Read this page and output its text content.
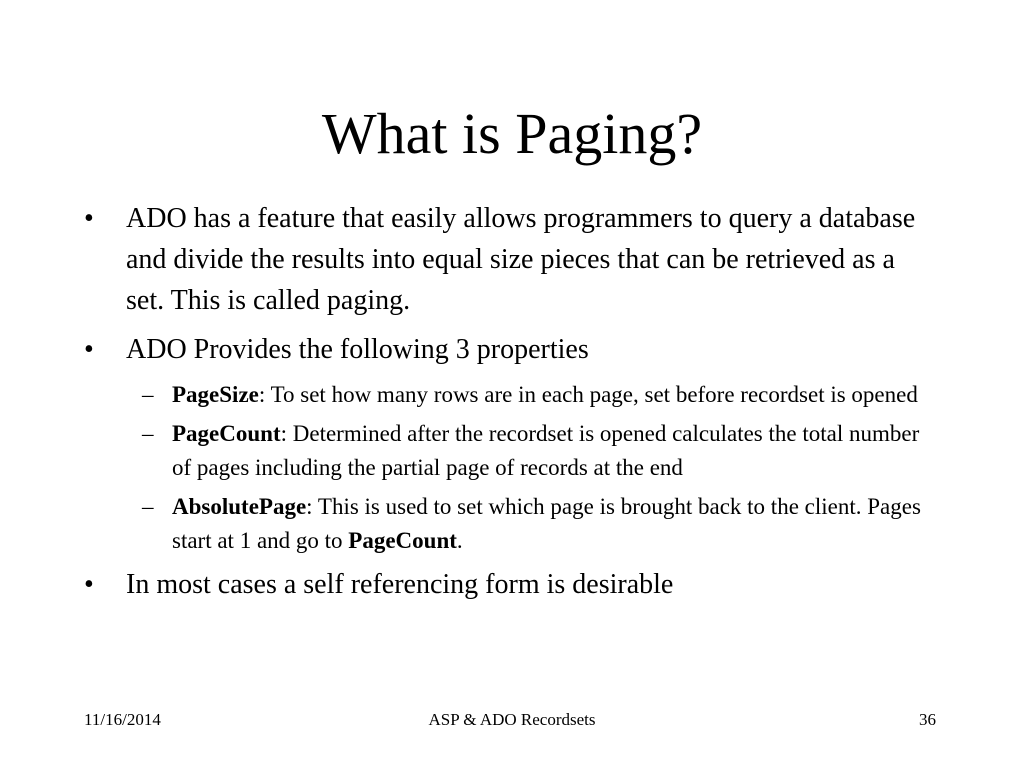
What is Paging?
• ADO has a feature that easily allows programmers to query a database and divide the results into equal size pieces that can be retrieved as a set. This is called paging.
• ADO Provides the following 3 properties
– PageSize: To set how many rows are in each page, set before recordset is opened
– PageCount: Determined after the recordset is opened calculates the total number of pages including the partial page of records at the end
– AbsolutePage: This is used to set which page is brought back to the client. Pages start at 1 and go to PageCount.
• In most cases a self referencing form is desirable
11/16/2014	ASP & ADO Recordsets	36
